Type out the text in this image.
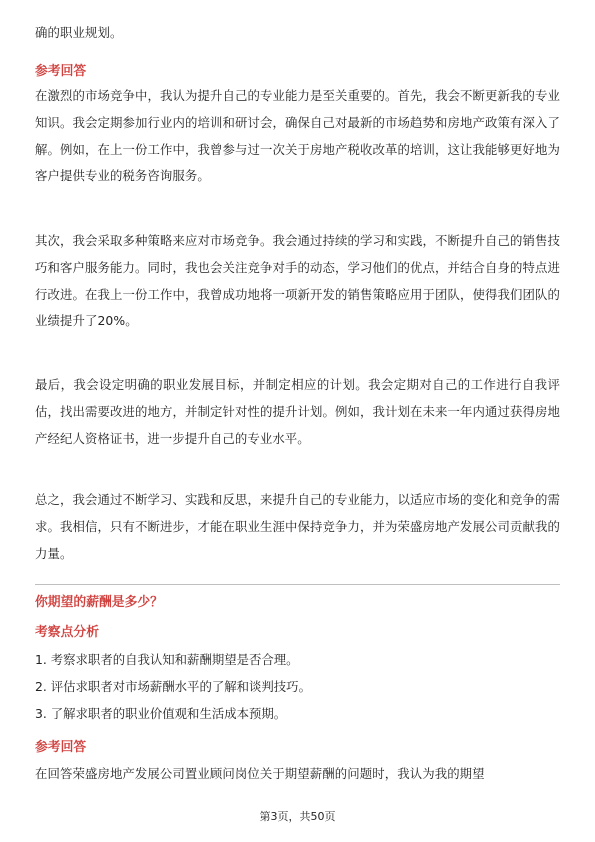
确的职业规划。
参考回答
在激烈的市场竞争中，我认为提升自己的专业能力是至关重要的。首先，我会不断更新我的专业知识。我会定期参加行业内的培训和研讨会，确保自己对最新的市场趋势和房地产政策有深入了解。例如，在上一份工作中，我曾参与过一次关于房地产税收改革的培训，这让我能够更好地为客户提供专业的税务咨询服务。
其次，我会采取多种策略来应对市场竞争。我会通过持续的学习和实践，不断提升自己的销售技巧和客户服务能力。同时，我也会关注竞争对手的动态，学习他们的优点，并结合自身的特点进行改进。在我上一份工作中，我曾成功地将一项新开发的销售策略应用于团队，使得我们团队的业绩提升了20%。
最后，我会设定明确的职业发展目标，并制定相应的计划。我会定期对自己的工作进行自我评估，找出需要改进的地方，并制定针对性的提升计划。例如，我计划在未来一年内通过获得房地产经纪人资格证书，进一步提升自己的专业水平。
总之，我会通过不断学习、实践和反思，来提升自己的专业能力，以适应市场的变化和竞争的需求。我相信，只有不断进步，才能在职业生涯中保持竞争力，并为荣盛房地产发展公司贡献我的力量。
你期望的薪酬是多少？
考察点分析
1. 考察求职者的自我认知和薪酬期望是否合理。
2. 评估求职者对市场薪酬水平的了解和谈判技巧。
3. 了解求职者的职业价值观和生活成本预期。
参考回答
在回答荣盛房地产发展公司置业顾问岗位关于期望薪酬的问题时，我认为我的期望
第3页，共50页
